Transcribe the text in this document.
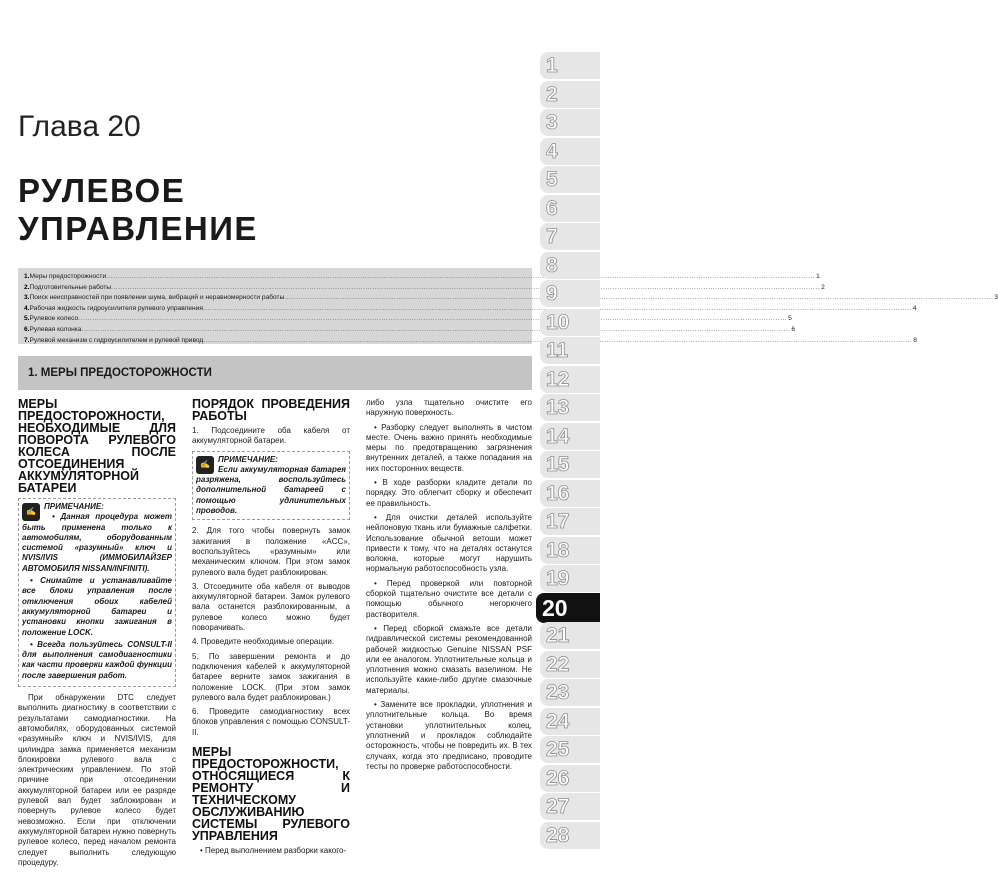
Глава 20
РУЛЕВОЕ
УПРАВЛЕНИЕ
1. Меры предосторожности .....	1
2. Подготовительные работы .....	2
3. Поиск неисправностей при появлении шума, вибраций и неравномерности работы .....	3
4. Рабочая жидкость гидроусилителя рулевого управления .....	4
5. Рулевое колесо .....	5
6. Рулевая колонка .....	6
7. Рулевой механизм с гидроусилителем и рулевой привод .....	8
1. МЕРЫ ПРЕДОСТОРОЖНОСТИ
МЕРЫ ПРЕДОСТОРОЖНОСТИ, НЕОБХОДИМЫЕ ДЛЯ ПОВОРОТА РУЛЕВОГО КОЛЕСА ПОСЛЕ ОТСОЕДИНЕНИЯ АККУМУЛЯТОРНОЙ БАТАРЕИ
✍
ПРИМЕЧАНИЕ:
• Данная процедура может быть применена только к автомобилям, оборудованным системой «разумный» ключ и NVIS/IVIS (ИММОБИЛАЙЗЕР АВТОМОБИЛЯ NISSAN/INFINITI).
• Снимайте и устанавливайте все блоки управления после отключения обоих кабелей аккумуляторной батареи и установки кнопки зажигания в положение LOCK.
• Всегда пользуйтесь CONSULT-II для выполнения самодиагностики как части проверки каждой функции после завершения работ.
При обнаружении DTC следует выполнить диагностику в соответствии с результатами самодиагностики. На автомобилях, оборудованных системой «разумный» ключ и NVIS/IVIS, для цилиндра замка применяется механизм блокировки рулевого вала с электрическим управлением. По этой причине при отсоединении аккумуляторной батареи или ее разряде рулевой вал будет заблокирован и повернуть рулевое колесо будет невозможно. Если при отключении аккумуляторной батареи нужно повернуть рулевое колесо, перед началом ремонта следует выполнить следующую процедуру.
ПОРЯДОК ПРОВЕДЕНИЯ РАБОТЫ
1. Подсоедините оба кабеля от аккумуляторной батареи.
✍
ПРИМЕЧАНИЕ:
Если аккумуляторная батарея разряжена, воспользуйтесь дополнительной батареей с помощью удлинительных проводов.
2. Для того чтобы повернуть замок зажигания в положение «ACC», воспользуйтесь «разумным» или механическим ключом. При этом замок рулевого вала будет разблокирован.
3. Отсоедините оба кабеля от выводов аккумуляторной батареи. Замок рулевого вала останется разблокированным, а рулевое колесо можно будет поворачивать.
4. Проведите необходимые операции.
5. По завершении ремонта и до подключения кабелей к аккумуляторной батарее верните замок зажигания в положение LOCK. (При этом замок рулевого вала будет разблокирован.)
6. Проведите самодиагностику всех блоков управления с помощью CONSULT-II.
МЕРЫ ПРЕДОСТОРОЖНОСТИ, ОТНОСЯЩИЕСЯ К РЕМОНТУ И ТЕХНИЧЕСКОМУ ОБСЛУЖИВАНИЮ СИСТЕМЫ РУЛЕВОГО УПРАВЛЕНИЯ
• Перед выполнением разборки какого-
либо узла тщательно очистите его наружную поверхность.
• Разборку следует выполнять в чистом месте. Очень важно принять необходимые меры по предотвращению загрязнения внутренних деталей, а также попадания на них посторонних веществ.
• В ходе разборки кладите детали по порядку. Это облегчит сборку и обеспечит ее правильность.
• Для очистки деталей используйте нейлоновую ткань или бумажные салфетки. Использование обычной ветоши может привести к тому, что на деталях останутся волокна, которые могут нарушить нормальную работоспособность узла.
• Перед проверкой или повторной сборкой тщательно очистите все детали с помощью обычного негорючего растворителя.
• Перед сборкой смажьте все детали гидравлической системы рекомендованной рабочей жидкостью Genuine NISSAN PSF или ее аналогом. Уплотнительные кольца и уплотнения можно смазать вазелином. Не используйте какие-либо другие смазочные материалы.
• Замените все прокладки, уплотнения и уплотнительные кольца. Во время установки уплотнительных колец, уплотнений и прокладок соблюдайте осторожность, чтобы не повредить их. В тех случаях, когда это предписано, проводите тесты по проверке работоспособности.
1
2
3
4
5
6
7
8
9
10
11
12
13
14
15
16
17
18
19
20
21
22
23
24
25
26
27
28
